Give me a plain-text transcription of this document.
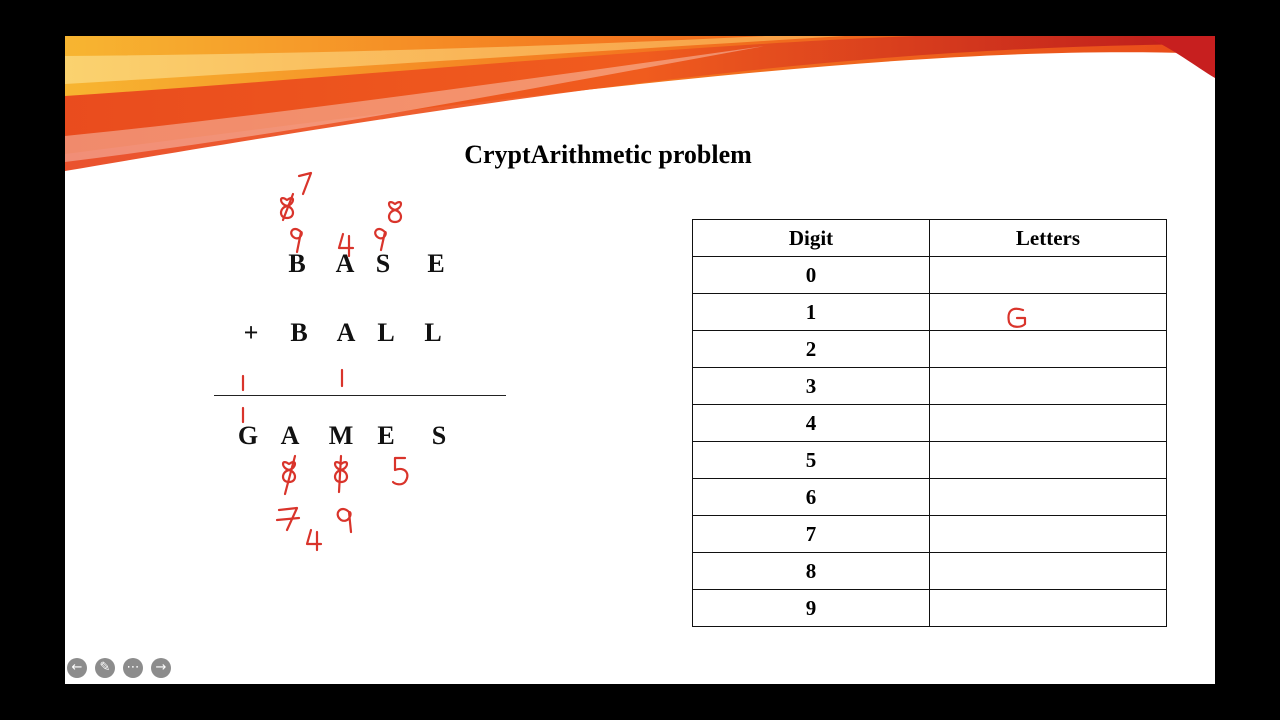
CryptArithmetic problem
B A S E
+ B A L L
G A M E S
Digit	Letters
0	
1	
2	
3	
4	
5	
6	
7	
8	
9	
←	✎	⋯	→
